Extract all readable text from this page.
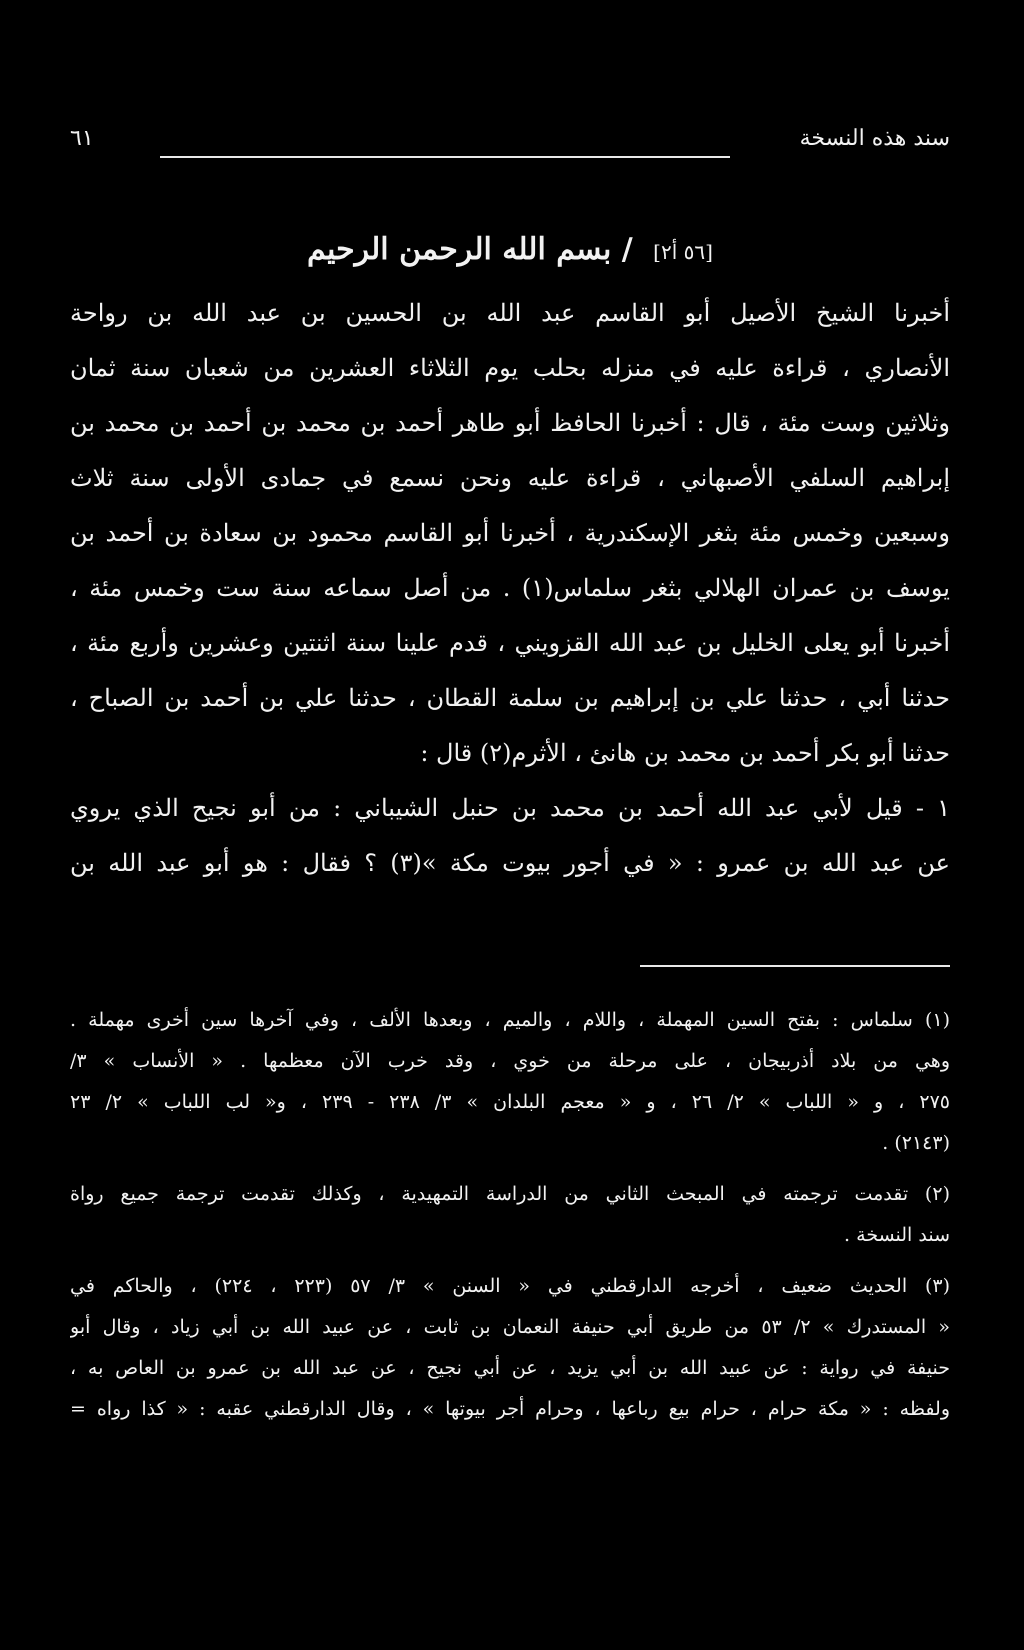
٦١	سند هذه النسخة
[٥٦ أ٢] / بسم الله الرحمن الرحيم
أخبرنا الشيخ الأصيل أبو القاسم عبد الله بن الحسين بن عبد الله بن رواحة
الأنصاري ، قراءة عليه في منزله بحلب يوم الثلاثاء العشرين من شعبان سنة ثمان
وثلاثين وست مئة ، قال : أخبرنا الحافظ أبو طاهر أحمد بن محمد بن أحمد بن محمد بن
إبراهيم السلفي الأصبهاني ، قراءة عليه ونحن نسمع في جمادى الأولى سنة ثلاث
وسبعين وخمس مئة بثغر الإسكندرية ، أخبرنا أبو القاسم محمود بن سعادة بن أحمد بن
يوسف بن عمران الهلالي بثغر سلماس(١) . من أصل سماعه سنة ست وخمس مئة ،
أخبرنا أبو يعلى الخليل بن عبد الله القزويني ، قدم علينا سنة اثنتين وعشرين وأربع مئة ،
حدثنا أبي ، حدثنا علي بن إبراهيم بن سلمة القطان ، حدثنا علي بن أحمد بن الصباح ،
حدثنا أبو بكر أحمد بن محمد بن هانئ ، الأثرم(٢) قال :
١ - قيل لأبي عبد الله أحمد بن محمد بن حنبل الشيباني : من أبو نجيح الذي يروي
عن عبد الله بن عمرو : « في أجور بيوت مكة »(٣) ؟ فقال : هو أبو عبد الله بن
(١) سلماس : بفتح السين المهملة ، واللام ، والميم ، وبعدها الألف ، وفي آخرها سين أخرى مهملة .
وهي من بلاد أذربيجان ، على مرحلة من خوي ، وقد خرب الآن معظمها . « الأنساب » ٣/
٢٧٥ ، و « اللباب » ٢/ ٢٦ ، و « معجم البلدان » ٣/ ٢٣٨ - ٢٣٩ ، و« لب اللباب » ٢/ ٢٣
(٢١٤٣) .
(٢) تقدمت ترجمته في المبحث الثاني من الدراسة التمهيدية ، وكذلك تقدمت ترجمة جميع رواة
سند النسخة .
(٣) الحديث ضعيف ، أخرجه الدارقطني في « السنن » ٣/ ٥٧ (٢٢٣ ، ٢٢٤) ، والحاكم في
« المستدرك » ٢/ ٥٣ من طريق أبي حنيفة النعمان بن ثابت ، عن عبيد الله بن أبي زياد ، وقال أبو
حنيفة في رواية : عن عبيد الله بن أبي يزيد ، عن أبي نجيح ، عن عبد الله بن عمرو بن العاص به ،
ولفظه : « مكة حرام ، حرام بيع رباعها ، وحرام أجر بيوتها » ، وقال الدارقطني عقبه : « كذا رواه =
